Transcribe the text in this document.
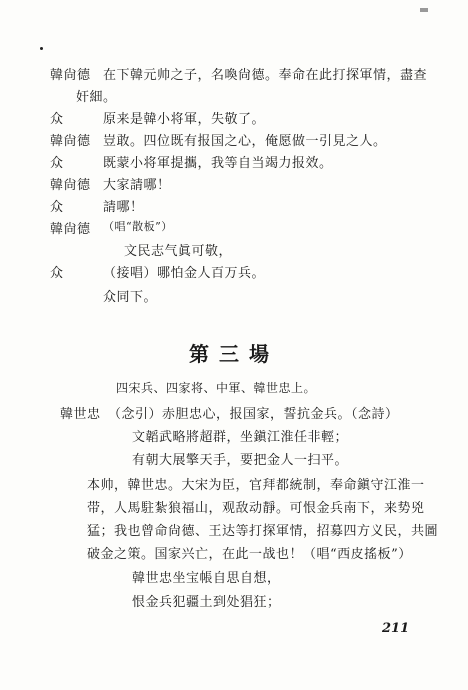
韓尙德 在下韓元帅之子，名喚尙德。奉命在此打探軍情，盡查
奸細。
众	原来是韓小将軍，失敬了。
韓尙德 豈敢。四位既有报国之心，俺愿做一引見之人。
众	既蒙小将軍提攜，我等自当竭力报效。
韓尙德 大家請哪！
众	請哪！
韓尙德 （唱“散板”）
文民志气眞可敬，
众	（接唱）哪怕金人百万兵。
众同下。
第三場
四宋兵、四家将、中軍、韓世忠上。
韓世忠 （念引）赤胆忠心，报国家，誓抗金兵。（念詩）
文韜武略將超群，坐鎭江淮任非輕；
有朝大展擎天手，要把金人一扫平。
本帅，韓世忠。大宋为臣，官拜都統制，奉命鎭守江淮一
带，人馬駐紮狼福山，观敌动靜。可恨金兵南下，来势兇
猛；我也曾命尙德、王达等打探軍情，招募四方义民，共圖
破金之策。国家兴亡，在此一战也！（唱“西皮搖板”）
韓世忠坐宝帳自思自想，
恨金兵犯疆土到处猖狂；
211
